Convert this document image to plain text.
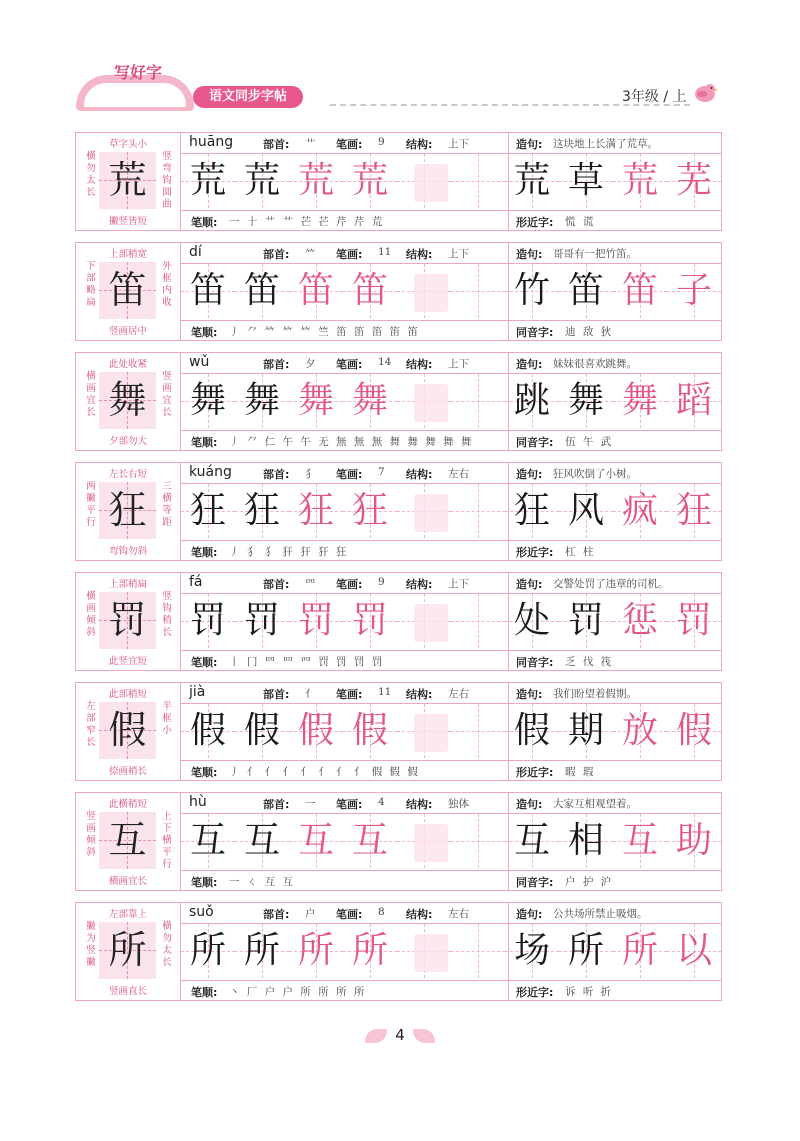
写好字
语文同步字帖	3年级 / 上
草字头小
横勿太长 荒
竖弯钩圆曲
撇竖皆短
huāng	部首: 艹 笔画: 9 结构: 上下	造句: 这块地上长满了荒草。
荒 荒 荒 荒	荒 草 荒 芜
笔顺: 一 十 艹 艹 芒 芒 芹 芹 荒	形近字: 慌 谎
上部稍宽
下部略扁 笛
外框内收
竖画居中
dí	部首: ⺮ 笔画: 11 结构: 上下	造句: 哥哥有一把竹笛。
笛 笛 笛 笛	竹 笛 笛 子
笔顺: 丿 ⺈ 𥫗 𥫗 𥫗 竺 笛 笛 笛 笛 笛	同音字: 迪 敌 狄
此处收紧
横画宜长 舞
竖画宜长
夕部勿大
wǔ	部首: 夕 笔画: 14 结构: 上下	造句: 妹妹很喜欢跳舞。
舞 舞 舞 舞	跳 舞 舞 蹈
笔顺: 丿 ⺈ 仁 午 午 无 無 無 無 舞 舞 舞 舞 舞	同音字: 伍 午 武
左长右短
两撇平行 狂
三横等距
弯钩勿斜
kuáng	部首: 犭 笔画: 7 结构: 左右	造句: 狂风吹倒了小树。
狂 狂 狂 狂	狂 风 疯 狂
笔顺: 丿 犭 犭 犴 犴 犴 狂	形近字: 杠 柱
上部稍扁
横画倾斜 罚
竖钩稍长
此竖宜短
fá	部首: 罒 笔画: 9 结构: 上下	造句: 交警处罚了违章的司机。
罚 罚 罚 罚	处 罚 惩 罚
笔顺: 丨 冂 罒 罒 罒 罚 罚 罚 罚	同音字: 乏 伐 筏
此部稍短
左部窄长 假
半框小
捺画稍长
jià	部首: 亻 笔画: 11 结构: 左右	造句: 我们盼望着假期。
假 假 假 假	假 期 放 假
笔顺: 丿 亻 亻 亻 亻 亻 亻 亻 假 假 假	形近字: 暇 瑕
此横稍短
竖画倾斜 互
上下横平行
横画宜长
hù	部首: 一 笔画: 4 结构: 独体	造句: 大家互相观望着。
互 互 互 互	互 相 互 助
笔顺: 一 ㄑ 互 互	同音字: 户 护 沪
左部靠上
撇为竖撇 所
横勿太长
竖画直长
suǒ	部首: 户 笔画: 8 结构: 左右	造句: 公共场所禁止吸烟。
所 所 所 所	场 所 所 以
笔顺: 丶 厂 户 户 所 所 所 所	形近字: 诉 听 折
4
